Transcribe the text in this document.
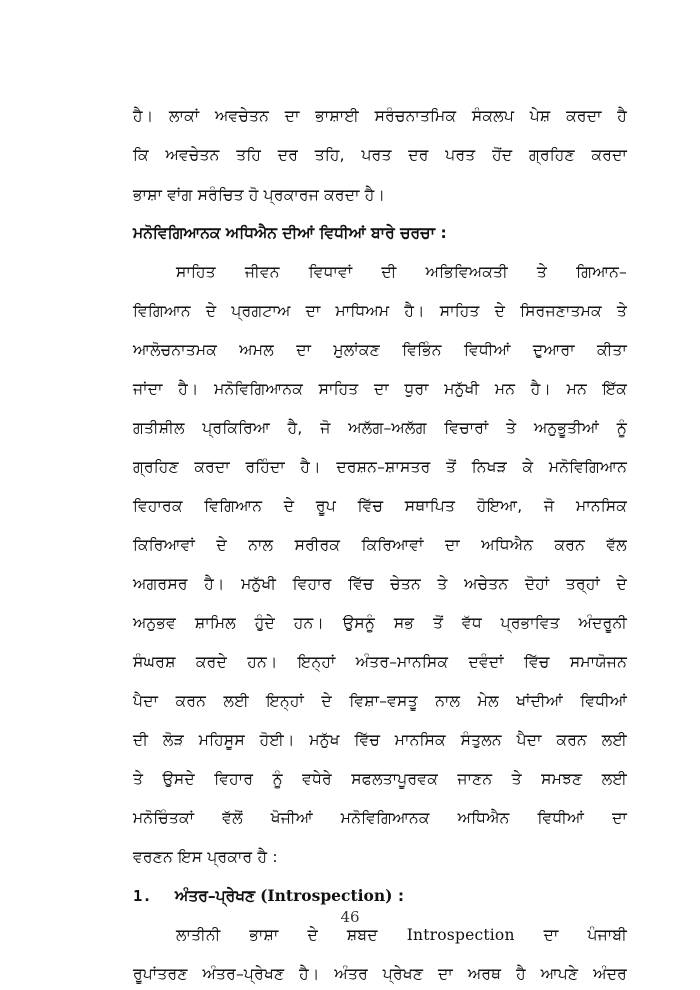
ਹੈ। ਲਾਕਾਂ ਅਵਚੇਤਨ ਦਾ ਭਾਸ਼ਾਈ ਸਰੰਚਨਾਤਮਿਕ ਸੰਕਲਪ ਪੇਸ਼ ਕਰਦਾ ਹੈ
ਕਿ ਅਵਚੇਤਨ ਤਹਿ ਦਰ ਤਹਿ, ਪਰਤ ਦਰ ਪਰਤ ਹੋਂਦ ਗ੍ਰਹਿਣ ਕਰਦਾ
ਭਾਸ਼ਾ ਵਾਂਗ ਸਰੰਚਿਤ ਹੋ ਪ੍ਰਕਾਰਜ ਕਰਦਾ ਹੈ।
ਮਨੋਵਿਗਿਆਨਕ ਅਧਿਐਨ ਦੀਆਂ ਵਿਧੀਆਂ ਬਾਰੇ ਚਰਚਾ :
ਸਾਹਿਤ ਜੀਵਨ ਵਿਧਾਵਾਂ ਦੀ ਅਭਿਵਿਅਕਤੀ ਤੇ ਗਿਆਨ–
ਵਿਗਿਆਨ ਦੇ ਪ੍ਰਗਟਾਅ ਦਾ ਮਾਧਿਅਮ ਹੈ। ਸਾਹਿਤ ਦੇ ਸਿਰਜਣਾਤਮਕ ਤੇ
ਆਲੋਚਨਾਤਮਕ ਅਮਲ ਦਾ ਮੁਲਾਂਕਣ ਵਿਭਿੰਨ ਵਿਧੀਆਂ ਦੁਆਰਾ ਕੀਤਾ
ਜਾਂਦਾ ਹੈ। ਮਨੋਵਿਗਿਆਨਕ ਸਾਹਿਤ ਦਾ ਧੁਰਾ ਮਨੁੱਖੀ ਮਨ ਹੈ। ਮਨ ਇੱਕ
ਗਤੀਸ਼ੀਲ ਪ੍ਰਕਿਰਿਆ ਹੈ, ਜੋ ਅਲੱਗ–ਅਲੱਗ ਵਿਚਾਰਾਂ ਤੇ ਅਨੁਭੂਤੀਆਂ ਨੂੰ
ਗ੍ਰਹਿਣ ਕਰਦਾ ਰਹਿੰਦਾ ਹੈ। ਦਰਸ਼ਨ–ਸ਼ਾਸਤਰ ਤੋਂ ਨਿਖੜ ਕੇ ਮਨੋਵਿਗਿਆਨ
ਵਿਹਾਰਕ ਵਿਗਿਆਨ ਦੇ ਰੂਪ ਵਿੱਚ ਸਥਾਪਿਤ ਹੋਇਆ, ਜੋ ਮਾਨਸਿਕ
ਕਿਰਿਆਵਾਂ ਦੇ ਨਾਲ ਸਰੀਰਕ ਕਿਰਿਆਵਾਂ ਦਾ ਅਧਿਐਨ ਕਰਨ ਵੱਲ
ਅਗਰਸਰ ਹੈ। ਮਨੁੱਖੀ ਵਿਹਾਰ ਵਿੱਚ ਚੇਤਨ ਤੇ ਅਚੇਤਨ ਦੋਹਾਂ ਤਰ੍ਹਾਂ ਦੇ
ਅਨੁਭਵ ਸ਼ਾਮਿਲ ਹੁੰਦੇ ਹਨ। ਉਸਨੂੰ ਸਭ ਤੋਂ ਵੱਧ ਪ੍ਰਭਾਵਿਤ ਅੰਦਰੂਨੀ
ਸੰਘਰਸ਼ ਕਰਦੇ ਹਨ। ਇਨ੍ਹਾਂ ਅੰਤਰ–ਮਾਨਸਿਕ ਦਵੰਦਾਂ ਵਿੱਚ ਸਮਾਯੋਜਨ
ਪੈਦਾ ਕਰਨ ਲਈ ਇਨ੍ਹਾਂ ਦੇ ਵਿਸ਼ਾ–ਵਸਤੂ ਨਾਲ ਮੇਲ ਖਾਂਦੀਆਂ ਵਿਧੀਆਂ
ਦੀ ਲੋੜ ਮਹਿਸੂਸ ਹੋਈ। ਮਨੁੱਖ ਵਿੱਚ ਮਾਨਸਿਕ ਸੰਤੁਲਨ ਪੈਦਾ ਕਰਨ ਲਈ
ਤੇ ਉਸਦੇ ਵਿਹਾਰ ਨੂੰ ਵਧੇਰੇ ਸਫਲਤਾਪੂਰਵਕ ਜਾਣਨ ਤੇ ਸਮਝਣ ਲਈ
ਮਨੋਚਿੰਤਕਾਂ ਵੱਲੋਂ ਖੋਜੀਆਂ ਮਨੋਵਿਗਿਆਨਕ ਅਧਿਐਨ ਵਿਧੀਆਂ ਦਾ
ਵਰਣਨ ਇਸ ਪ੍ਰਕਾਰ ਹੈ :
1. ਅੰਤਰ–ਪ੍ਰੇਖਣ (Introspection) :
ਲਾਤੀਨੀ ਭਾਸ਼ਾ ਦੇ ਸ਼ਬਦ Introspection ਦਾ ਪੰਜਾਬੀ
ਰੂਪਾਂਤਰਣ ਅੰਤਰ–ਪ੍ਰੇਖਣ ਹੈ। ਅੰਤਰ ਪ੍ਰੇਖਣ ਦਾ ਅਰਥ ਹੈ ਆਪਣੇ ਅੰਦਰ
46
